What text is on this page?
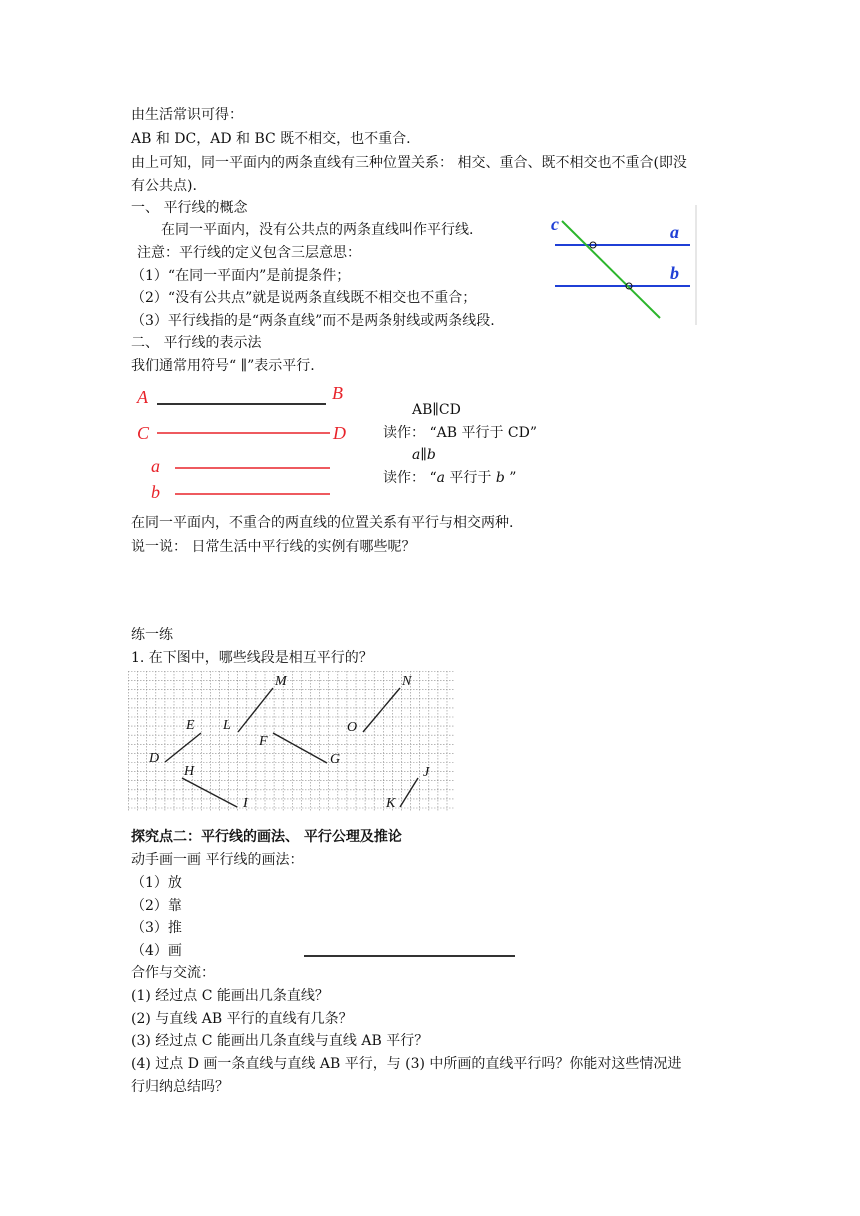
由生活常识可得：
AB 和 DC，AD 和 BC 既不相交，也不重合.
由上可知，同一平面内的两条直线有三种位置关系： 相交、重合、既不相交也不重合(即没
有公共点).
一、 平行线的概念
在同一平面内，没有公共点的两条直线叫作平行线.
注意：平行线的定义包含三层意思：
（1）“在同一平面内”是前提条件；
（2）“没有公共点”就是说两条直线既不相交也不重合；
（3）平行线指的是“两条直线”而不是两条射线或两条线段.
c	a
b
二、 平行线的表示法
我们通常用符号“ ∥”表示平行.
A	B
C	D
a
b
AB∥CD
读作： “AB 平行于 CD”
a∥b
读作： “a 平行于 b ”
在同一平面内，不重合的两直线的位置关系有平行与相交两种.
说一说： 日常生活中平行线的实例有哪些呢？
练一练
1. 在下图中，哪些线段是相互平行的？
M	N
E L	O
F
D	G
H	J
I	K
探究点二：平行线的画法、 平行公理及推论
动手画一画 平行线的画法：
（1）放
（2）靠
（3）推
（4）画
合作与交流：
(1) 经过点 C 能画出几条直线？
(2) 与直线 AB 平行的直线有几条？
(3) 经过点 C 能画出几条直线与直线 AB 平行？
(4) 过点 D 画一条直线与直线 AB 平行，与 (3) 中所画的直线平行吗？你能对这些情况进
行归纳总结吗？
